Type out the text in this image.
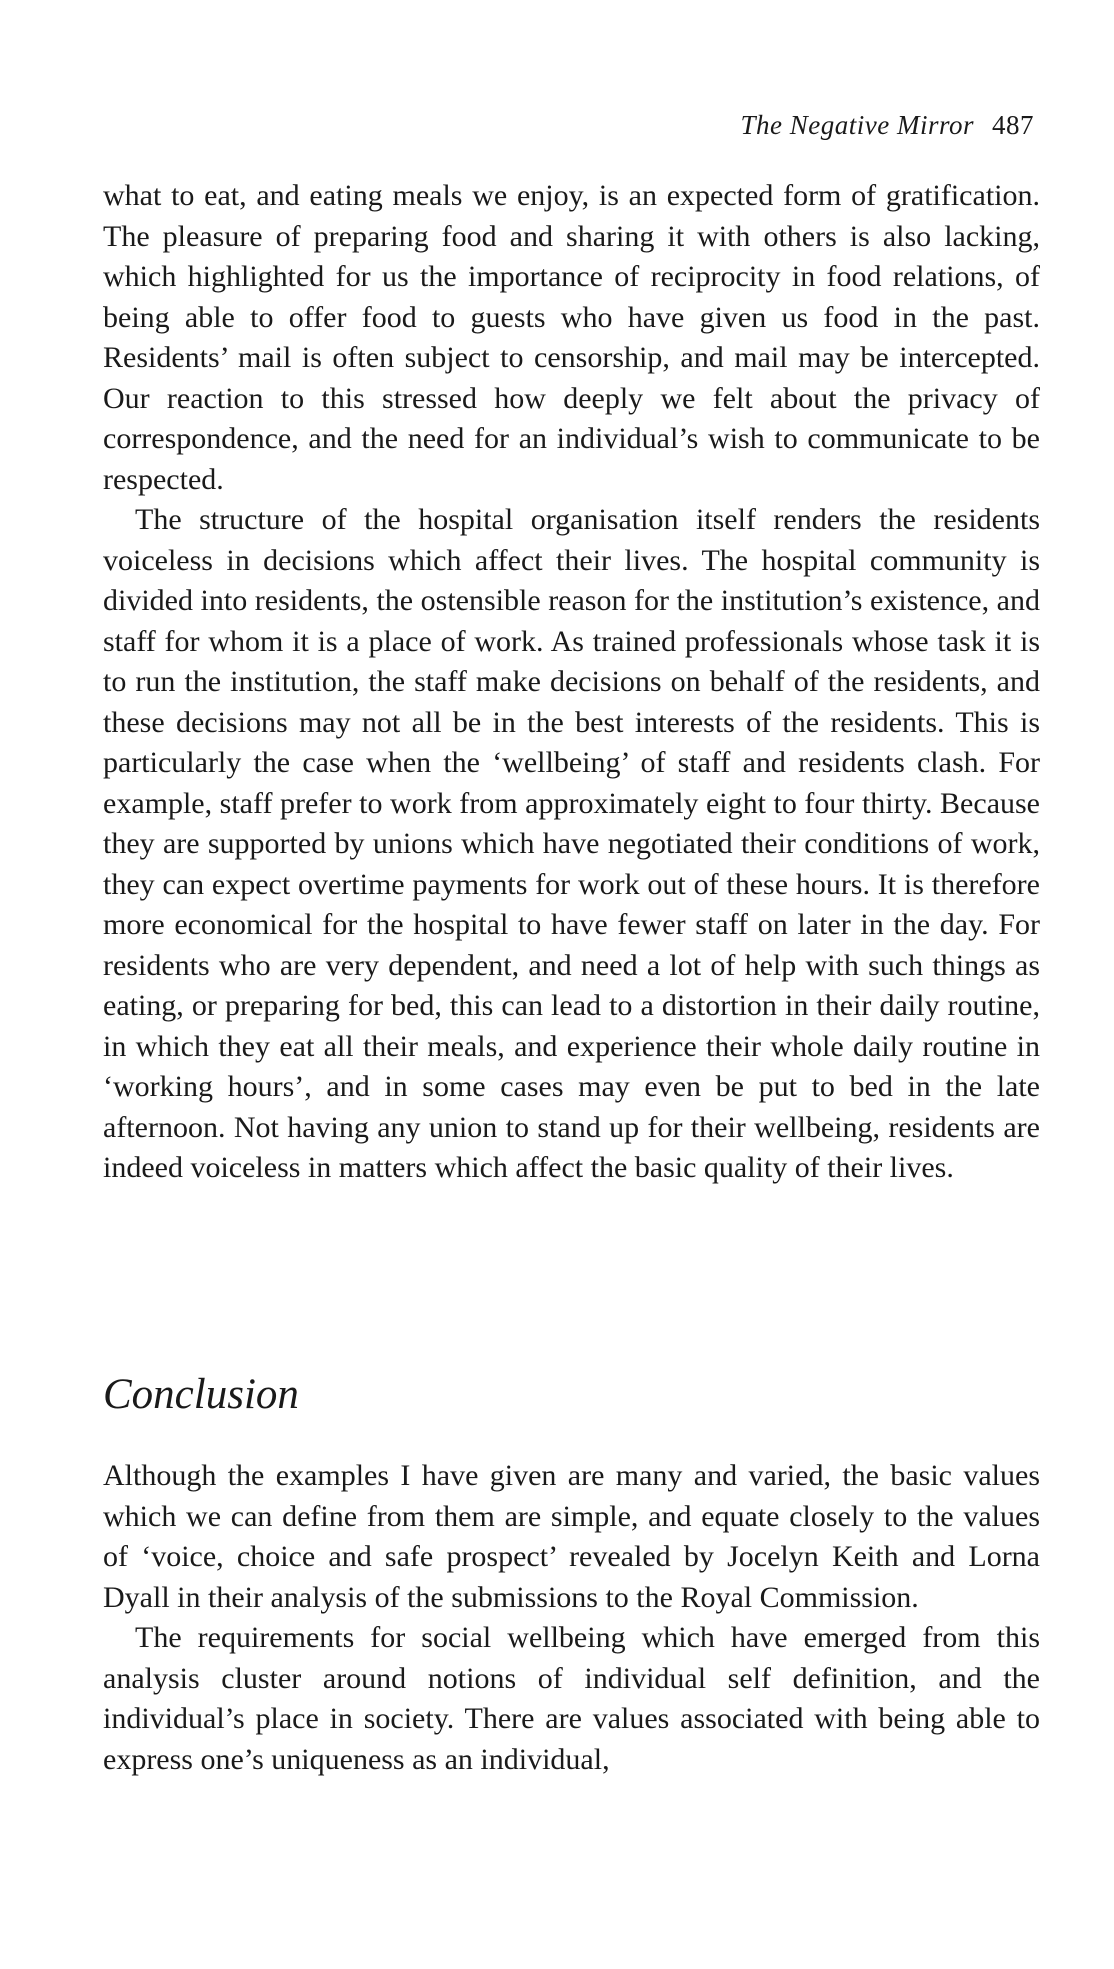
The Negative Mirror 487

what to eat, and eating meals we enjoy, is an expected form of gratification. The pleasure of preparing food and sharing it with others is also lacking, which highlighted for us the importance of reciprocity in food relations, of being able to offer food to guests who have given us food in the past. Residents’ mail is often subject to censorship, and mail may be intercepted. Our reaction to this stressed how deeply we felt about the privacy of correspondence, and the need for an individual’s wish to communicate to be respected.

The structure of the hospital organisation itself renders the residents voiceless in decisions which affect their lives. The hospital community is divided into residents, the ostensible reason for the institution’s existence, and staff for whom it is a place of work. As trained professionals whose task it is to run the institution, the staff make decisions on behalf of the residents, and these decisions may not all be in the best interests of the residents. This is particularly the case when the ‘wellbeing’ of staff and residents clash. For example, staff prefer to work from approximately eight to four thirty. Because they are supported by unions which have negotiated their conditions of work, they can expect overtime payments for work out of these hours. It is therefore more economical for the hospital to have fewer staff on later in the day. For residents who are very dependent, and need a lot of help with such things as eating, or preparing for bed, this can lead to a distortion in their daily routine, in which they eat all their meals, and experience their whole daily routine in ‘working hours’, and in some cases may even be put to bed in the late afternoon. Not having any union to stand up for their wellbeing, residents are indeed voiceless in matters which affect the basic quality of their lives.

Conclusion

Although the examples I have given are many and varied, the basic values which we can define from them are simple, and equate closely to the values of ‘voice, choice and safe prospect’ revealed by Jocelyn Keith and Lorna Dyall in their analysis of the submissions to the Royal Commission.

The requirements for social wellbeing which have emerged from this analysis cluster around notions of individual self definition, and the individual’s place in society. There are values associated with being able to express one’s uniqueness as an individual,
